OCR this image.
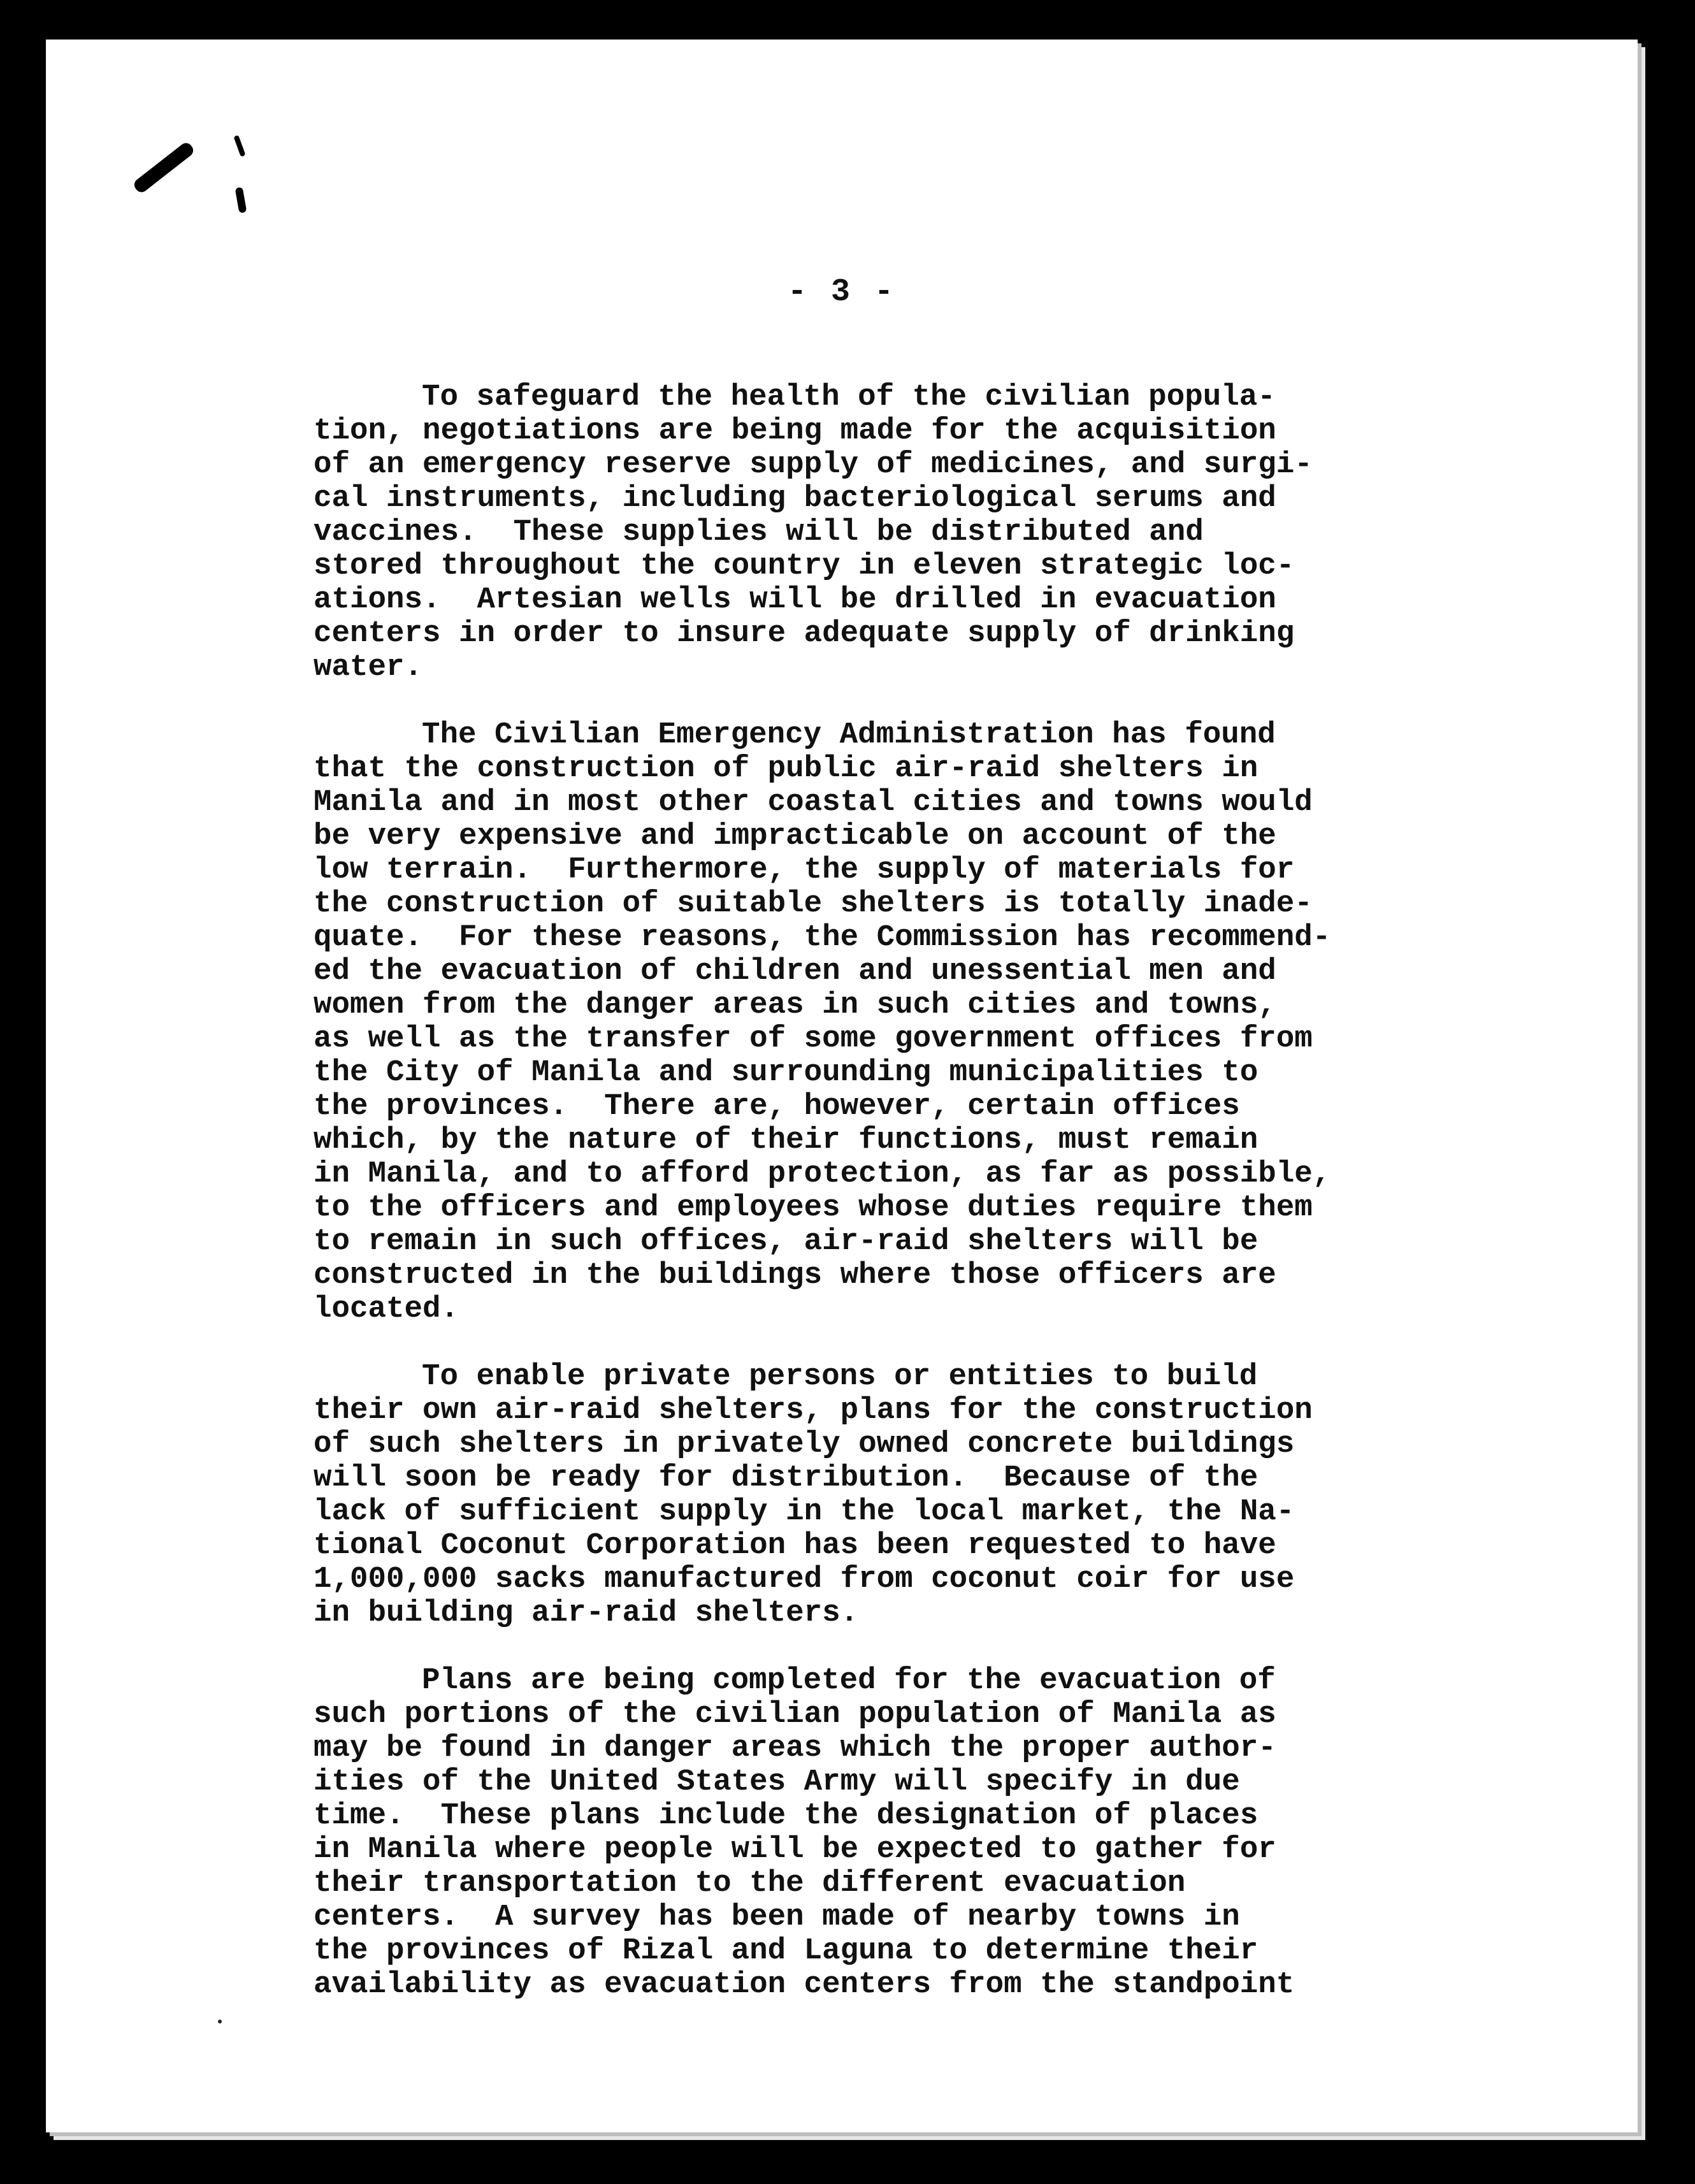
- 3 -
To safeguard the health of the civilian popula-
tion, negotiations are being made for the acquisition
of an emergency reserve supply of medicines, and surgi-
cal instruments, including bacteriological serums and
vaccines.  These supplies will be distributed and
stored throughout the country in eleven strategic loc-
ations.  Artesian wells will be drilled in evacuation
centers in order to insure adequate supply of drinking
water.
The Civilian Emergency Administration has found
that the construction of public air-raid shelters in
Manila and in most other coastal cities and towns would
be very expensive and impracticable on account of the
low terrain.  Furthermore, the supply of materials for
the construction of suitable shelters is totally inade-
quate.  For these reasons, the Commission has recommend-
ed the evacuation of children and unessential men and
women from the danger areas in such cities and towns,
as well as the transfer of some government offices from
the City of Manila and surrounding municipalities to
the provinces.  There are, however, certain offices
which, by the nature of their functions, must remain
in Manila, and to afford protection, as far as possible,
to the officers and employees whose duties require them
to remain in such offices, air-raid shelters will be
constructed in the buildings where those officers are
located.
To enable private persons or entities to build
their own air-raid shelters, plans for the construction
of such shelters in privately owned concrete buildings
will soon be ready for distribution.  Because of the
lack of sufficient supply in the local market, the Na-
tional Coconut Corporation has been requested to have
1,000,000 sacks manufactured from coconut coir for use
in building air-raid shelters.
Plans are being completed for the evacuation of
such portions of the civilian population of Manila as
may be found in danger areas which the proper author-
ities of the United States Army will specify in due
time.  These plans include the designation of places
in Manila where people will be expected to gather for
their transportation to the different evacuation
centers.  A survey has been made of nearby towns in
the provinces of Rizal and Laguna to determine their
availability as evacuation centers from the standpoint
